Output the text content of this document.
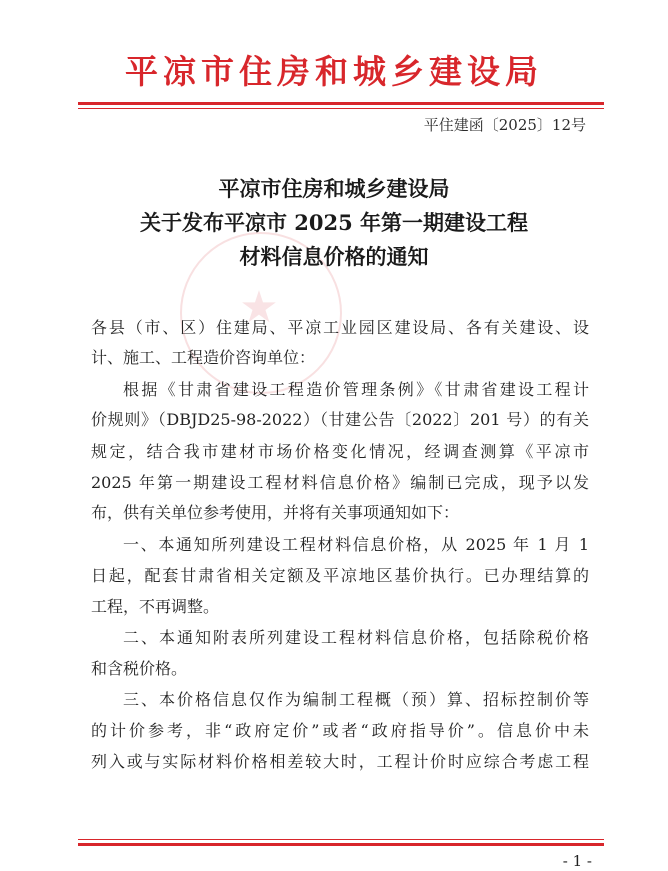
平凉市住房和城乡建设局
平住建函〔2025〕12号
★
平凉市住房和城乡建设局
关于发布平凉市 2025 年第一期建设工程
材料信息价格的通知
各县（市、区）住建局、平凉工业园区建设局、各有关建设、设
计、施工、工程造价咨询单位：
根据《甘肃省建设工程造价管理条例》《甘肃省建设工程计
价规则》（DBJD25-98-2022）（甘建公告〔2022〕201 号）的有关
规定，结合我市建材市场价格变化情况，经调查测算《平凉市
2025 年第一期建设工程材料信息价格》编制已完成，现予以发
布，供有关单位参考使用，并将有关事项通知如下：
一、本通知所列建设工程材料信息价格，从 2025 年 1 月 1
日起，配套甘肃省相关定额及平凉地区基价执行。已办理结算的
工程，不再调整。
二、本通知附表所列建设工程材料信息价格，包括除税价格
和含税价格。
三、本价格信息仅作为编制工程概（预）算、招标控制价等
的计价参考，非“政府定价”或者“政府指导价”。信息价中未
列入或与实际材料价格相差较大时，工程计价时应综合考虑工程
- 1 -
